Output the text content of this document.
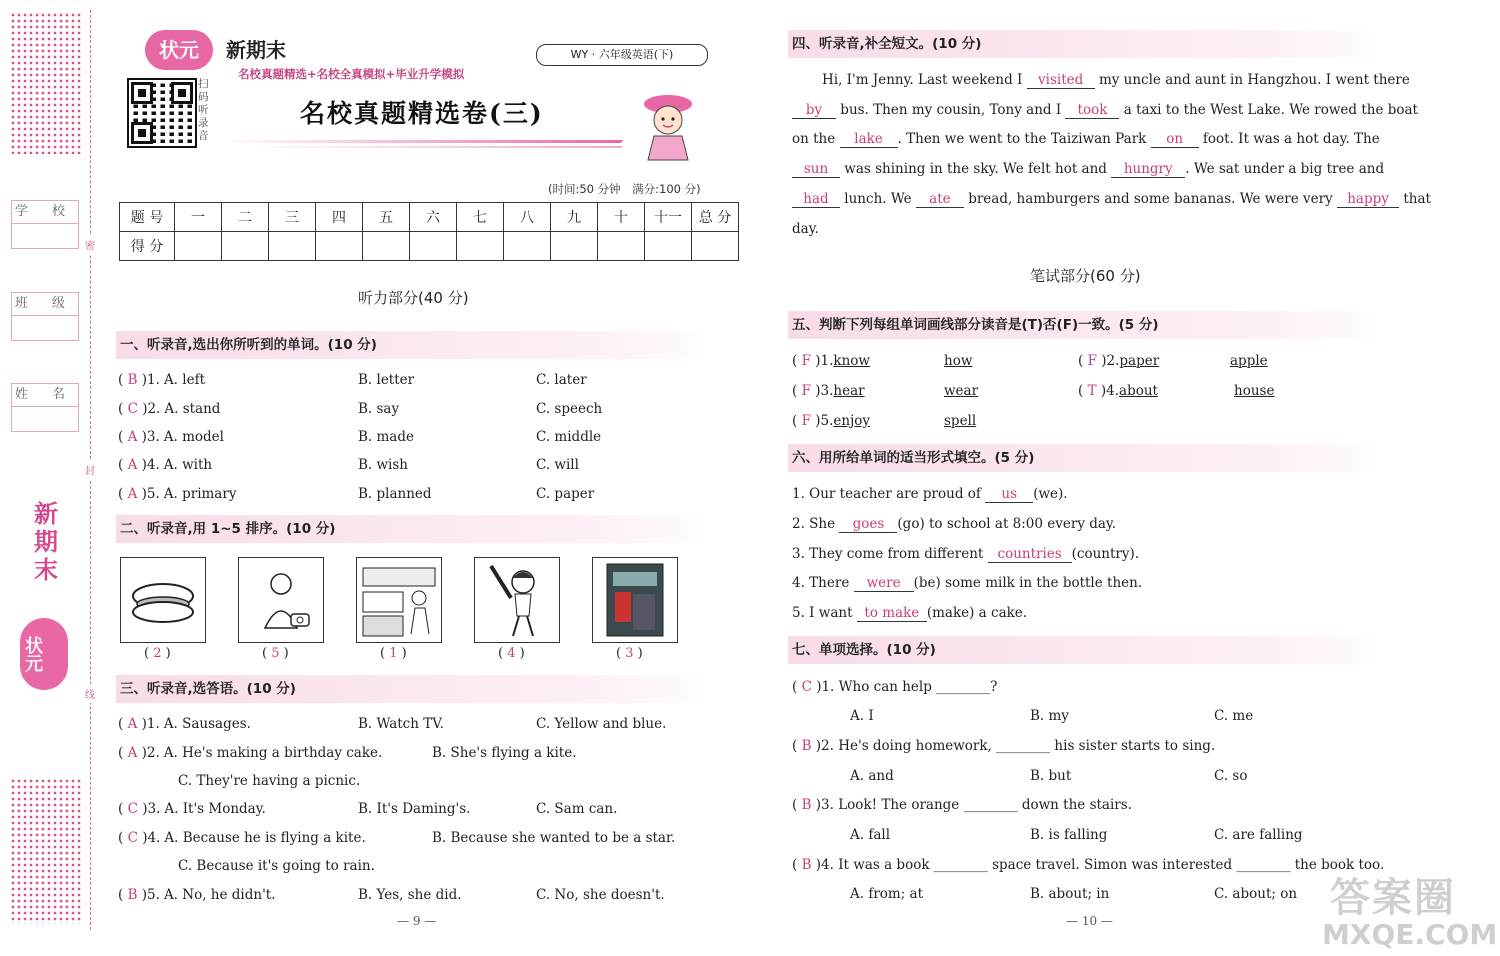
学 校
班 级
姓 名
密
封
线
新期末
状元
状元	新期末
名校真题精选+名校全真模拟+毕业升学模拟
WY · 六年级英语(下)
扫码听录音
名校真题精选卷(三)
(时间:50 分钟　满分:100 分)
题 号	一	二	三	四	五	六	七	八	九	十	十一	总 分
得 分												
听力部分(40 分)
一、听录音,选出你所听到的单词。(10 分)
( B )1. A. left	B. letter	C. later
( C )2. A. stand	B. say	C. speech
( A )3. A. model	B. made	C. middle
( A )4. A. with	B. wish	C. will
( A )5. A. primary	B. planned	C. paper
二、听录音,用 1~5 排序。(10 分)
( 2 )	( 5 )	( 1 )	( 4 )	( 3 )
三、听录音,选答语。(10 分)
( A )1. A. Sausages.	B. Watch TV.	C. Yellow and blue.
( A )2. A. He's making a birthday cake.	B. She's flying a kite.
C. They're having a picnic.
( C )3. A. It's Monday.	B. It's Daming's.	C. Sam can.
( C )4. A. Because he is flying a kite.	B. Because she wanted to be a star.
C. Because it's going to rain.
( B )5. A. No, he didn't.	B. Yes, she did.	C. No, she doesn't.
— 9 —
四、听录音,补全短文。(10 分)
Hi, I'm Jenny. Last weekend I visited my uncle and aunt in Hangzhou. I went there
by bus. Then my cousin, Tony and I took a taxi to the West Lake. We rowed the boat
on the lake . Then we went to the Taiziwan Park on foot. It was a hot day. The
sun was shining in the sky. We felt hot and hungry . We sat under a big tree and
had lunch. We ate bread, hamburgers and some bananas. We were very happy that
day.
笔试部分(60 分)
五、判断下列每组单词画线部分读音是(T)否(F)一致。(5 分)
( F )1.know	how	( F )2.paper	apple
( F )3.hear	wear	( T )4.about	house
( F )5.enjoy	spell
六、用所给单词的适当形式填空。(5 分)
1. Our teacher are proud of us (we).
2. She goes (go) to school at 8:00 every day.
3. They come from different countries (country).
4. There were (be) some milk in the bottle then.
5. I want to make (make) a cake.
七、单项选择。(10 分)
( C )1. Who can help ________?
A. I	B. my	C. me
( B )2. He's doing homework, ________ his sister starts to sing.
A. and	B. but	C. so
( B )3. Look! The orange ________ down the stairs.
A. fall	B. is falling	C. are falling
( B )4. It was a book ________ space travel. Simon was interested ________ the book too.
A. from; at	B. about; in	C. about; on
— 10 —	答案圈
MXQE.COM
